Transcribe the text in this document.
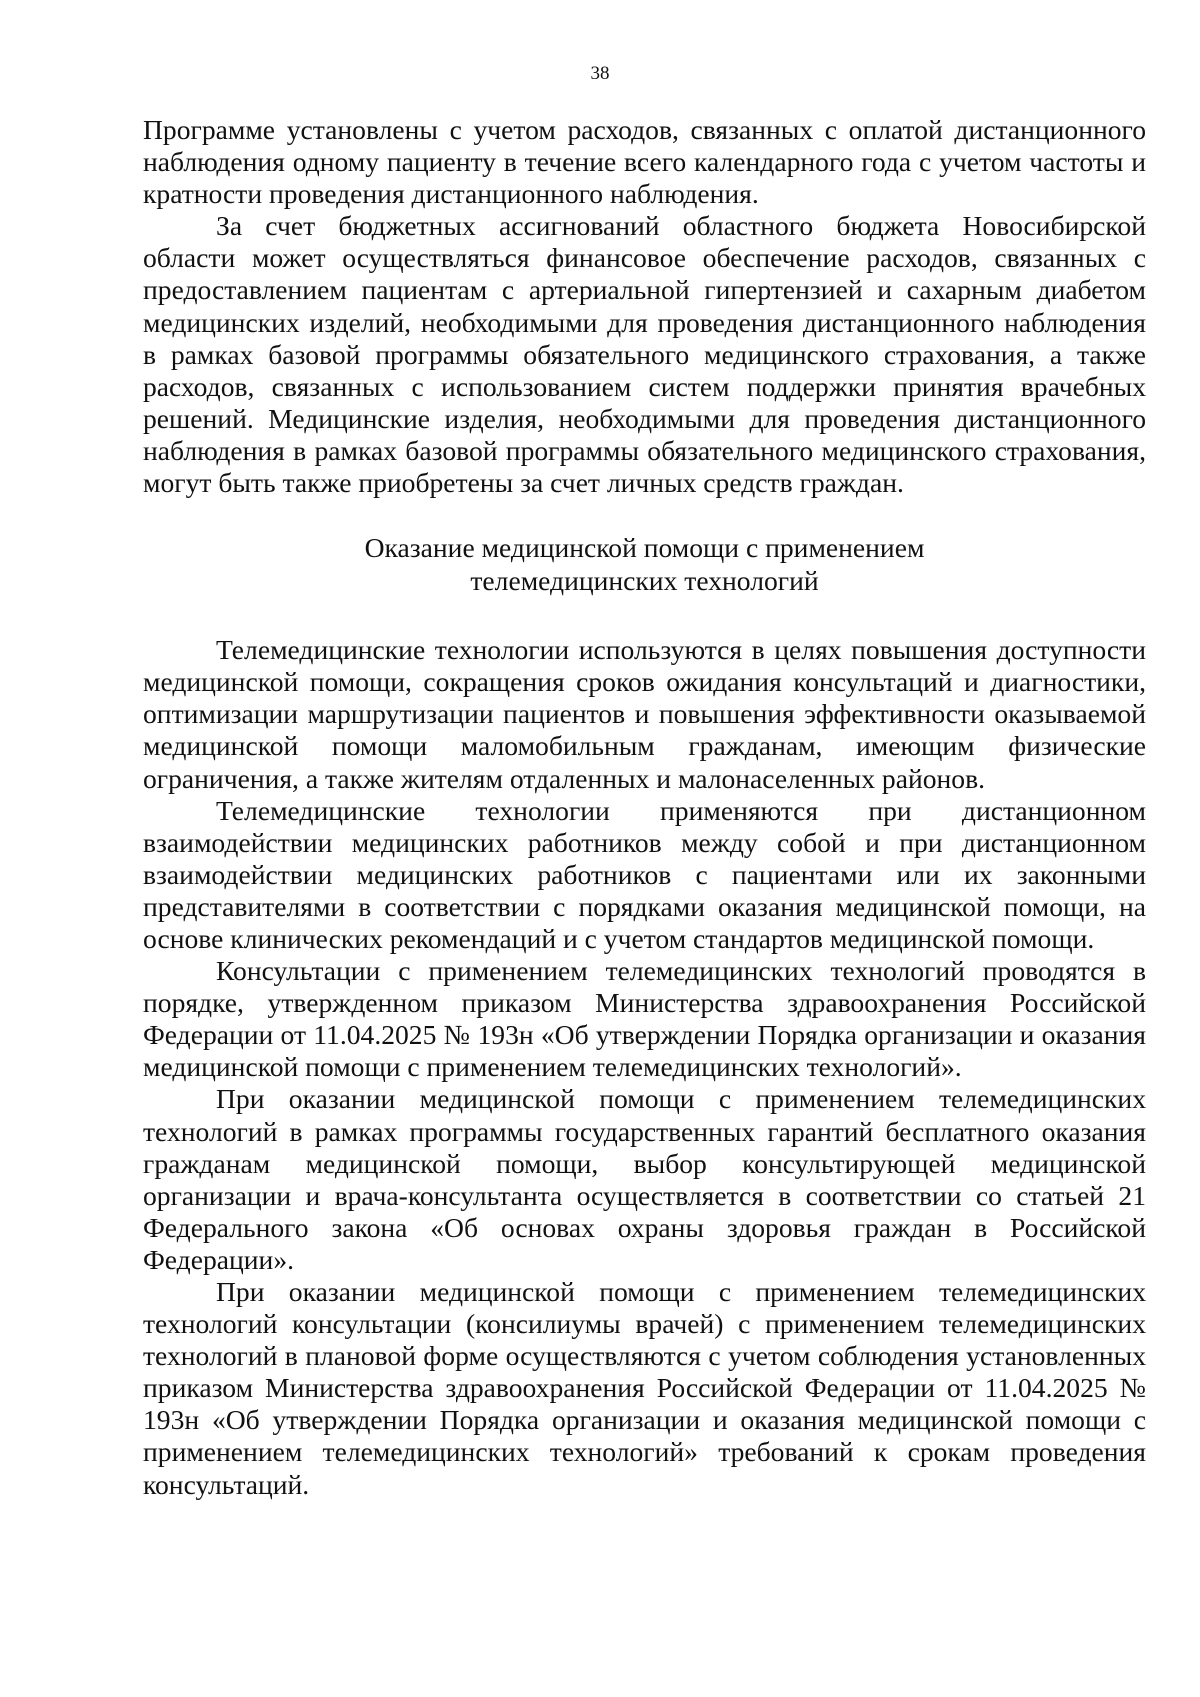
38

Программе установлены с учетом расходов, связанных с оплатой дистанционного наблюдения одному пациенту в течение всего календарного года с учетом частоты и кратности проведения дистанционного наблюдения.

За счет бюджетных ассигнований областного бюджета Новосибирской области может осуществляться финансовое обеспечение расходов, связанных с предоставлением пациентам с артериальной гипертензией и сахарным диабетом медицинских изделий, необходимыми для проведения дистанционного наблюдения в рамках базовой программы обязательного медицинского страхования, а также расходов, связанных с использованием систем поддержки принятия врачебных решений. Медицинские изделия, необходимыми для проведения дистанционного наблюдения в рамках базовой программы обязательного медицинского страхования, могут быть также приобретены за счет личных средств граждан.

Оказание медицинской помощи с применением
телемедицинских технологий

Телемедицинские технологии используются в целях повышения доступности медицинской помощи, сокращения сроков ожидания консультаций и диагностики, оптимизации маршрутизации пациентов и повышения эффективности оказываемой медицинской помощи маломобильным гражданам, имеющим физические ограничения, а также жителям отдаленных и малонаселенных районов.

Телемедицинские технологии применяются при дистанционном взаимодействии медицинских работников между собой и при дистанционном взаимодействии медицинских работников с пациентами или их законными представителями в соответствии с порядками оказания медицинской помощи, на основе клинических рекомендаций и с учетом стандартов медицинской помощи.

Консультации с применением телемедицинских технологий проводятся в порядке, утвержденном приказом Министерства здравоохранения Российской Федерации от 11.04.2025 № 193н «Об утверждении Порядка организации и оказания медицинской помощи с применением телемедицинских технологий».

При оказании медицинской помощи с применением телемедицинских технологий в рамках программы государственных гарантий бесплатного оказания гражданам медицинской помощи, выбор консультирующей медицинской организации и врача-консультанта осуществляется в соответствии со статьей 21 Федерального закона «Об основах охраны здоровья граждан в Российской Федерации».

При оказании медицинской помощи с применением телемедицинских технологий консультации (консилиумы врачей) с применением телемедицинских технологий в плановой форме осуществляются с учетом соблюдения установленных приказом Министерства здравоохранения Российской Федерации от 11.04.2025 № 193н «Об утверждении Порядка организации и оказания медицинской помощи с применением телемедицинских технологий» требований к срокам проведения консультаций.
